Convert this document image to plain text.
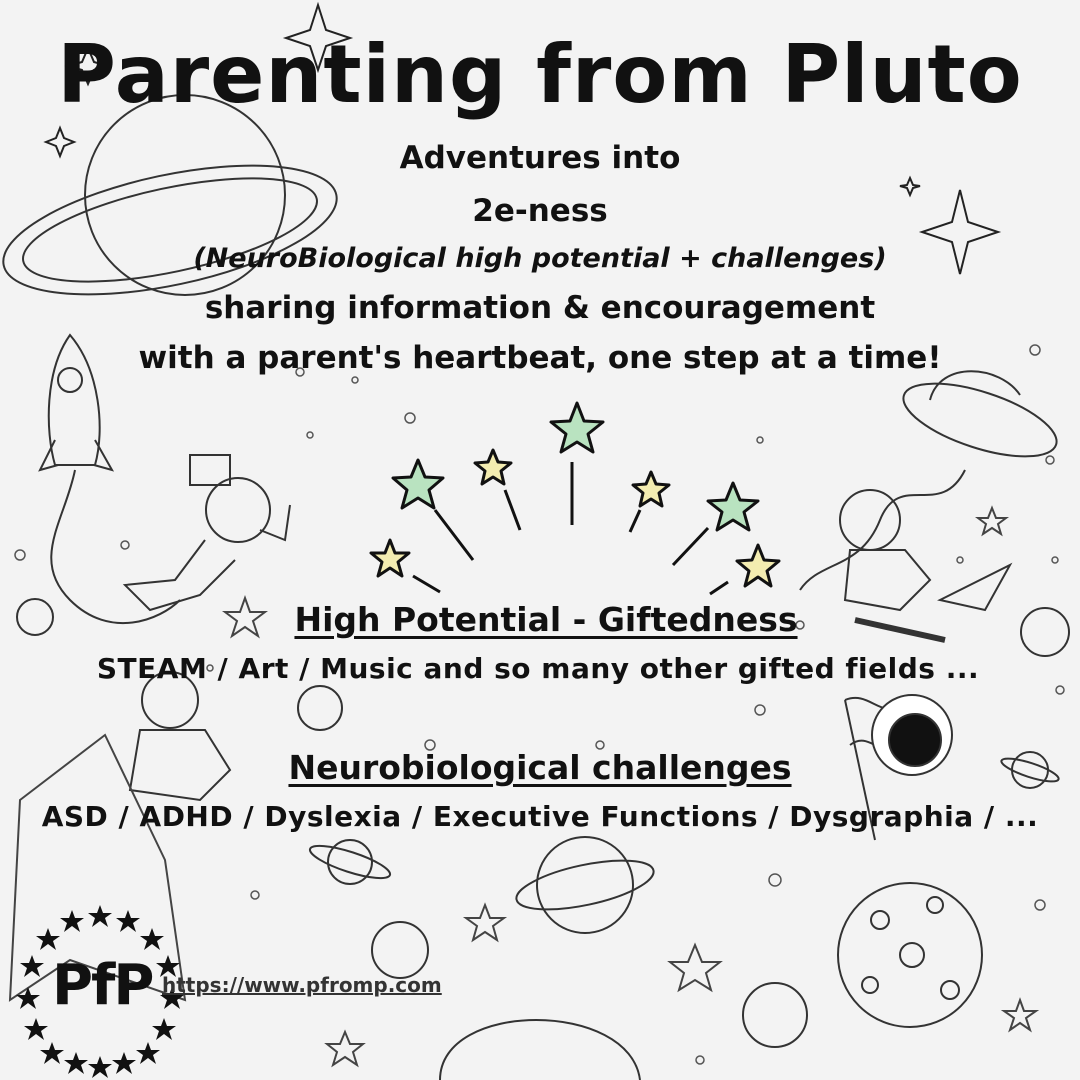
Parenting from Pluto
Adventures into
2e-ness
(NeuroBiological high potential + challenges)
sharing information & encouragement
with a parent's heartbeat, one step at a time!
High Potential - Giftedness
STEAM / Art / Music and so many other gifted fields ...
Neurobiological challenges
ASD / ADHD / Dyslexia / Executive Functions / Dysgraphia / ...
PfP https://www.pfromp.com
